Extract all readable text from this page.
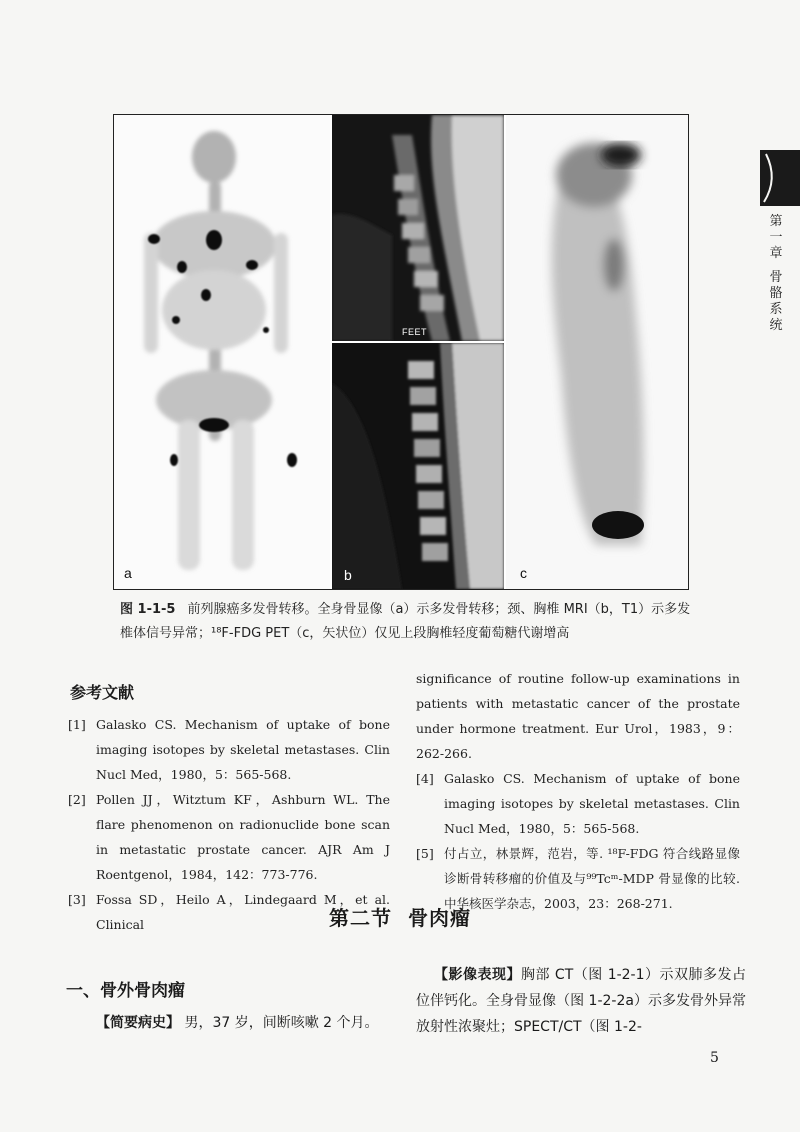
a
FEET
b	c
图 1-1-5 前列腺癌多发骨转移。全身骨显像（a）示多发骨转移；颈、胸椎 MRI（b，T1）示多发椎体信号异常；¹⁸F-FDG PET（c，矢状位）仅见上段胸椎轻度葡萄糖代谢增高
第一章
骨骼系统
参考文献
[1] Galasko CS. Mechanism of uptake of bone imaging isotopes by skeletal metastases. Clin Nucl Med，1980，5：565-568.
[2] Pollen JJ，Witztum KF，Ashburn WL. The flare phenomenon on radionuclide bone scan in metastatic prostate cancer. AJR Am J Roentgenol，1984，142：773-776.
[3] Fossa SD，Heilo A，Lindegaard M，et al. Clinical
significance of routine follow-up examinations in patients with metastatic cancer of the prostate under hormone treatment. Eur Urol，1983，9：262-266.
[4] Galasko CS. Mechanism of uptake of bone imaging isotopes by skeletal metastases. Clin Nucl Med，1980，5：565-568.
[5] 付占立，林景辉，范岩，等. ¹⁸F-FDG 符合线路显像诊断骨转移瘤的价值及与⁹⁹Tcᵐ-MDP 骨显像的比较. 中华核医学杂志，2003，23：268-271.
第二节 骨肉瘤
一、骨外骨肉瘤
【简要病史】 男，37 岁，间断咳嗽 2 个月。
【影像表现】胸部 CT（图 1-2-1）示双肺多发占位伴钙化。全身骨显像（图 1-2-2a）示多发骨外异常放射性浓聚灶；SPECT/CT（图 1-2-
5
